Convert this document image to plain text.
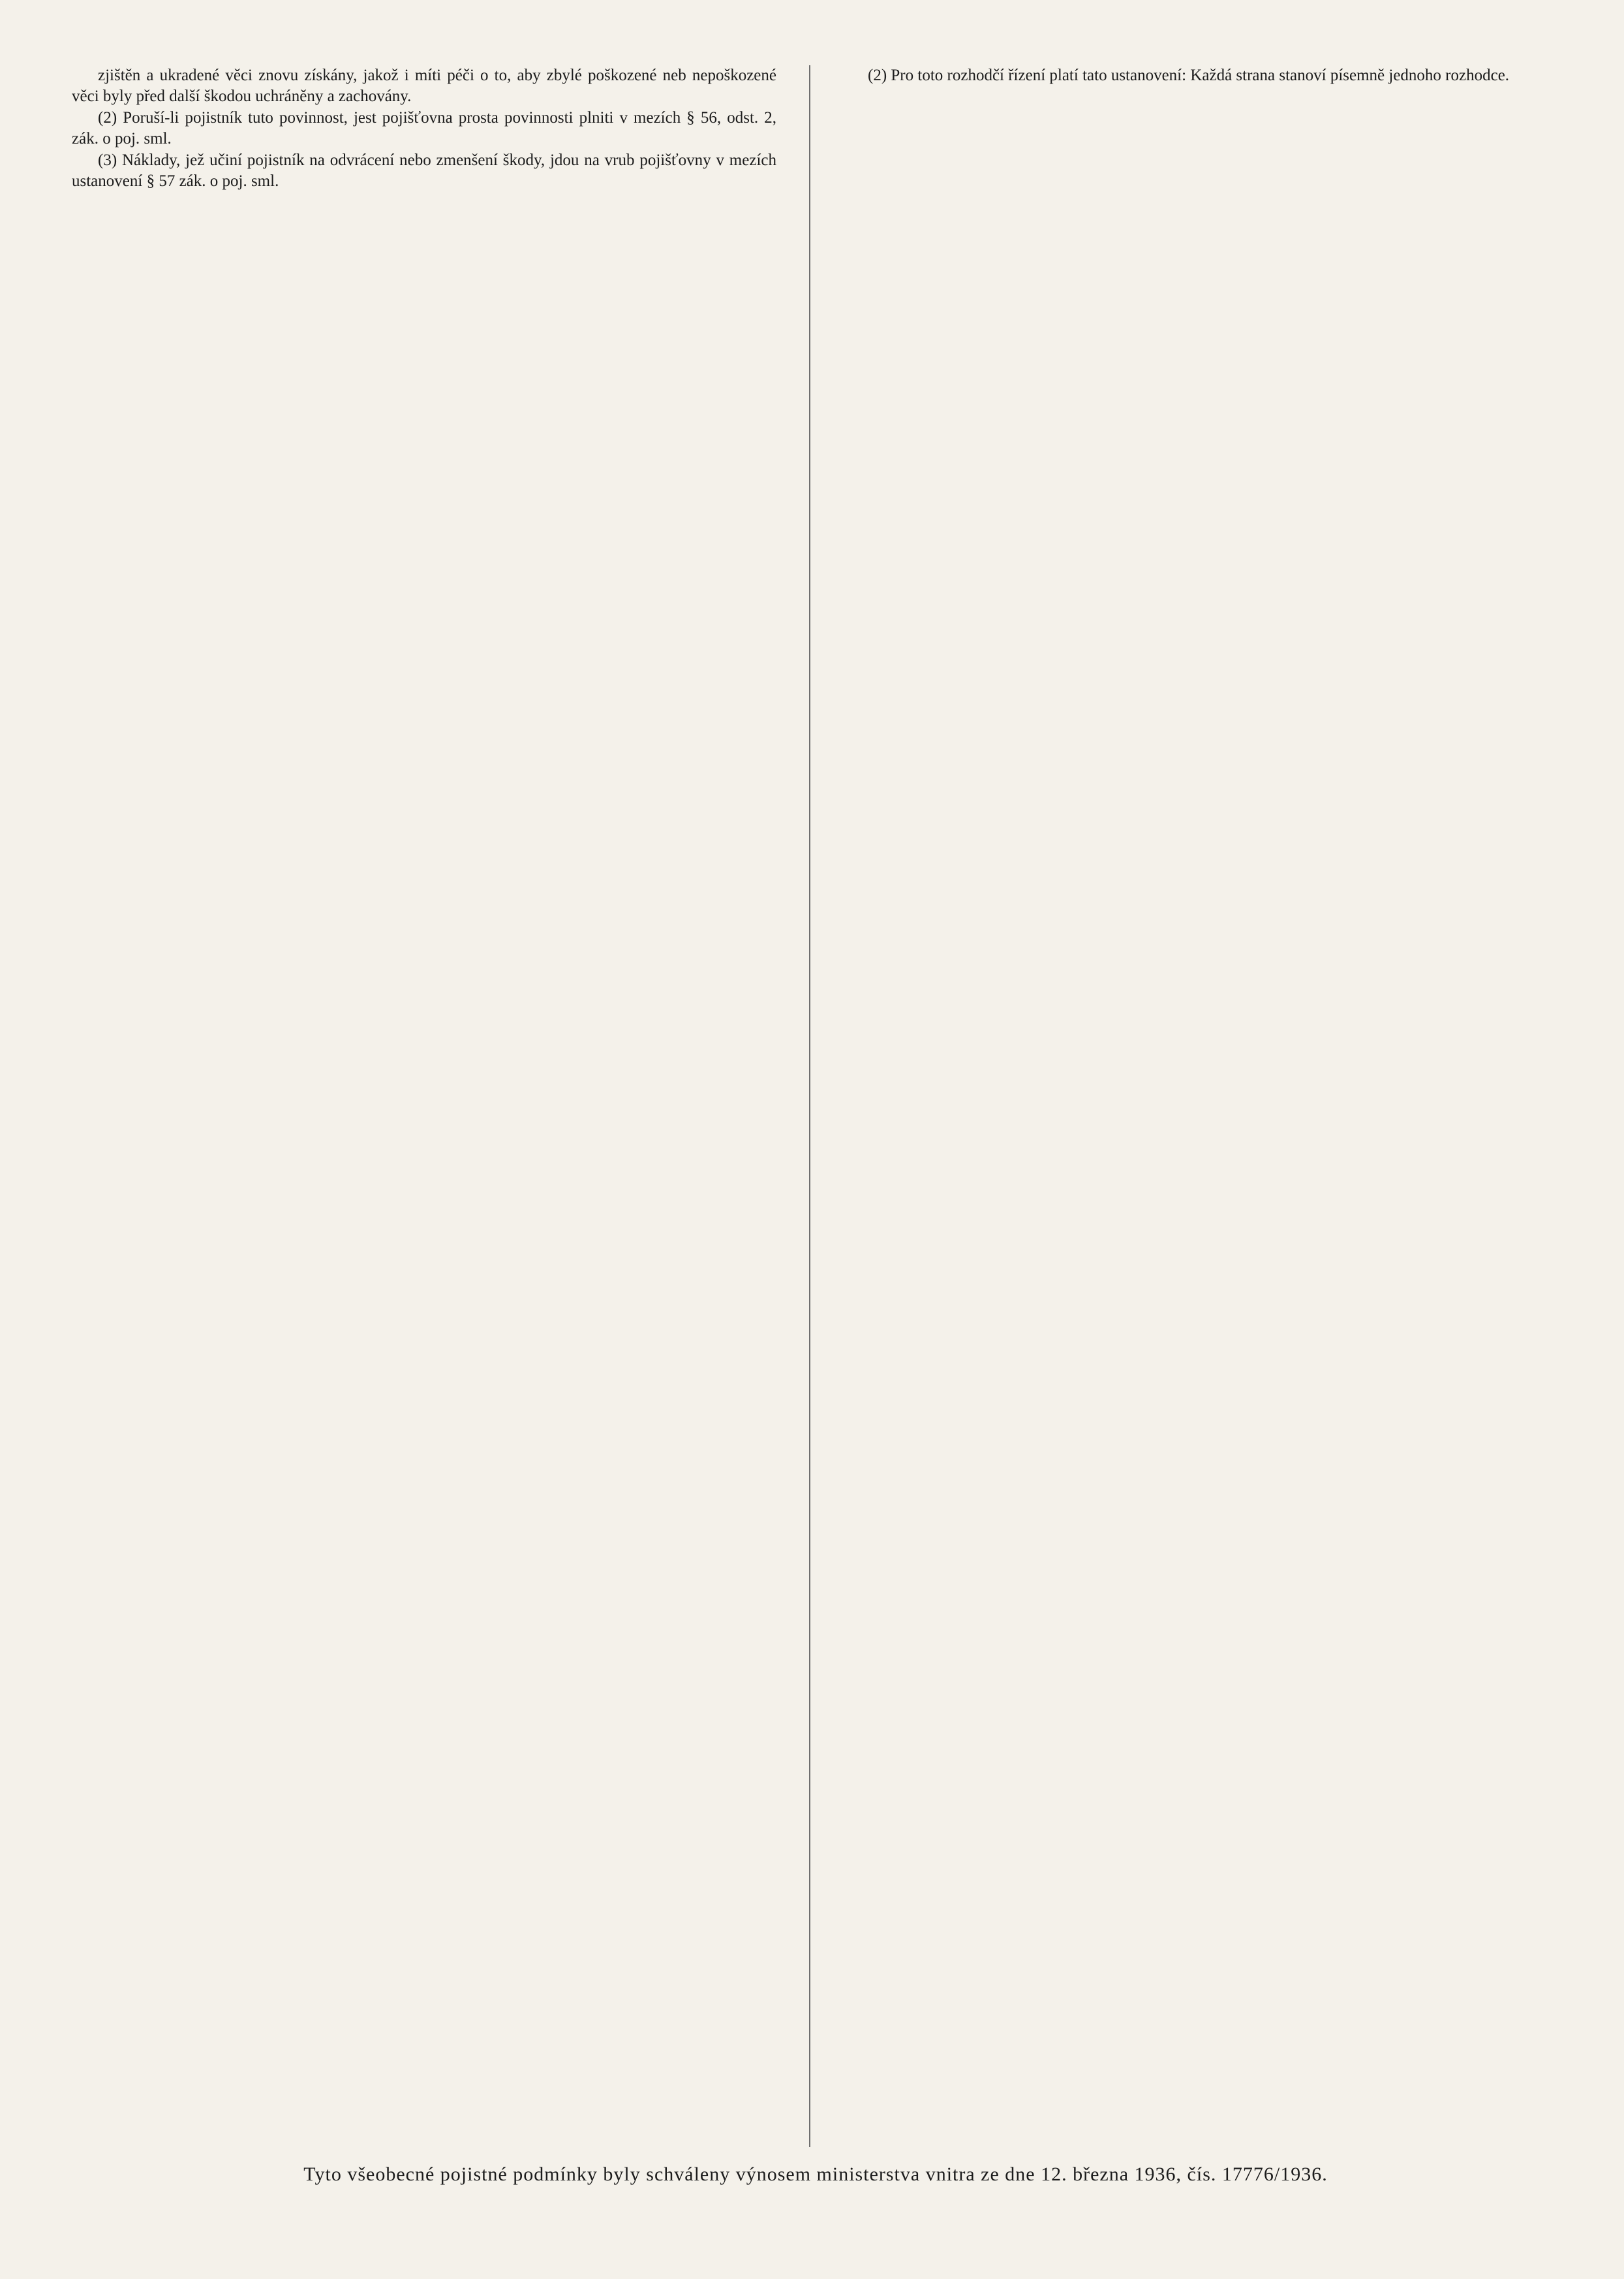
zjištěn a ukradené věci znovu získány, jakož i míti péči o to, aby zbylé poškozené neb nepoškozené věci byly před další škodou uchráněny a zachovány.

(2) Poruší-li pojistník tuto povinnost, jest pojišťovna prosta povinnosti plniti v mezích § 56, odst. 2, zák. o poj. sml.

(3) Náklady, jež učiní pojistník na odvrácení nebo zmenšení škody, jdou na vrub pojišťovny v mezích ustanovení § 57 zák. o poj. sml.

(2) Pro toto rozhodčí řízení platí tato ustanovení: Každá strana stanoví písemně jednoho rozhodce.

Tyto všeobecné pojistné podmínky byly schváleny výnosem ministerstva vnitra ze dne 12. března 1936, čís. 17776/1936.
